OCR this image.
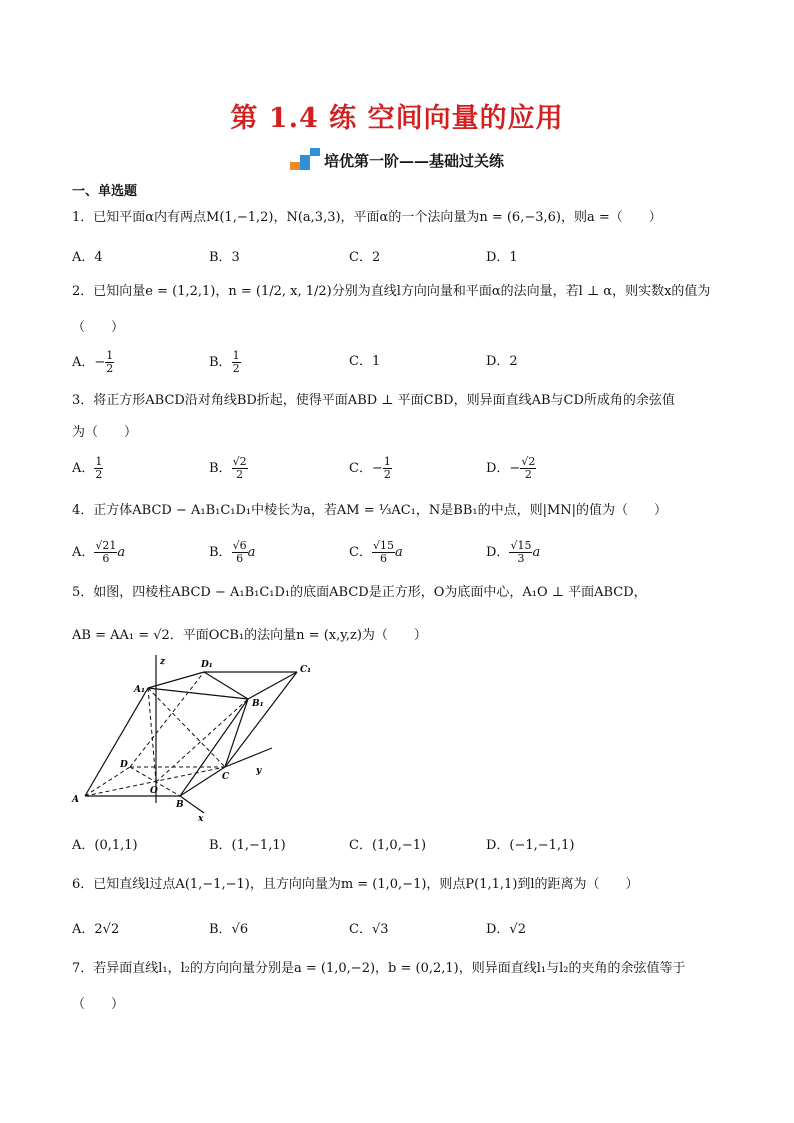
第 1.4 练 空间向量的应用
培优第一阶——基础过关练
一、单选题
1．已知平面α内有两点M(1,−1,2)，N(a,3,3)，平面α的一个法向量为n = (6,−3,6)，则a =（　　）
A．4	B．3	C．2	D．1
2．已知向量e = (1,2,1)，n = (1/2, x, 1/2)分别为直线l方向向量和平面α的法向量，若l ⊥ α，则实数x的值为
（　　）
A．− $\frac{1}{2}$	B． $\frac{1}{2}$	C．1	D．2
3．将正方形ABCD沿对角线BD折起，使得平面ABD ⊥ 平面CBD，则异面直线AB与CD所成角的余弦值
为（　　）
A． $\frac{1}{2}$	B． $\frac{√2}{2}$	C．− $\frac{1}{2}$	D．− $\frac{√2}{2}$
4．正方体ABCD − A₁B₁C₁D₁中棱长为a，若AM = ⅓AC₁，N是BB₁的中点，则|MN|的值为（　　）
A． $\frac{√21}{6}$ a	B． $\frac{√6}{6}$ a	C． $\frac{√15}{6}$ a	D． $\frac{√15}{3}$ a
5．如图，四棱柱ABCD − A₁B₁C₁D₁的底面ABCD是正方形，O为底面中心，A₁O ⊥ 平面ABCD，
AB = AA₁ = √2．平面OCB₁的法向量n = (x,y,z)为（　　）
z	D₁	C₁
A₁
B₁
D
C
y
O
A	B
x
A．(0,1,1)	B．(1,−1,1)	C．(1,0,−1)	D．(−1,−1,1)
6．已知直线l过点A(1,−1,−1)，且方向向量为m = (1,0,−1)，则点P(1,1,1)到l的距离为（　　）
A．2√2	B．√6	C．√3	D．√2
7．若异面直线l₁，l₂的方向向量分别是a = (1,0,−2)，b = (0,2,1)，则异面直线l₁与l₂的夹角的余弦值等于
（　　）
